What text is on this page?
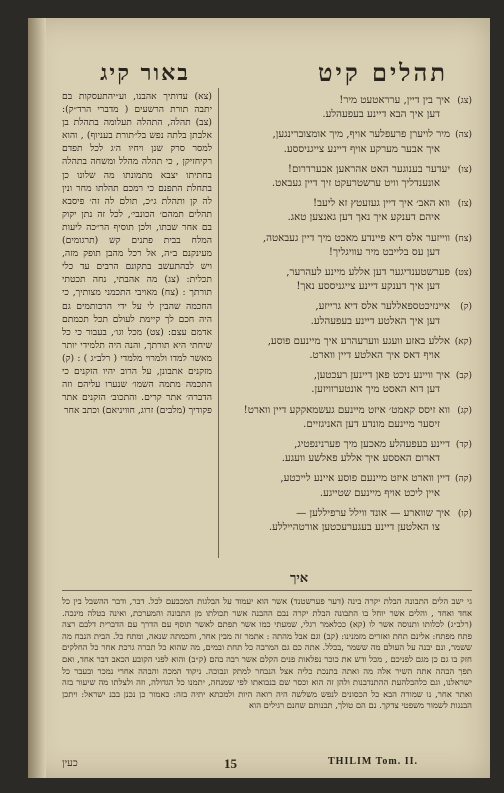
באור קיג	תהלים קיט
(צא) עדותיך אהבנו, וע״יהתעסקות בם יתבה תורת הרשעים ( מדברי הרד״ק): (צב) תהלה, התהלה תעלומה בתהלת בן אלבתן בלתה נפש בל״תורת בעניוף) , והוא למסר סרק שנן ויחיו ה׳ג לכל תפדם רקיחזיקן , כי תהלה מהלל ומשחה בתהלה בחתיתו יצבא מתמונתו מה שלונו כן בתחלת התפנם כי רמכם תהלתו מחר ונין לה קן ותהלת ג״כ, תולם לה זה׳ פיסבא תהלים תמהם׳ הכונבי׳, לכל זה נתן יקוק בם אחר שבתו, ולכן תוסיף הר״כה ליעות המלח בבית פתנים קש (תרגומים) מעינקנם ב״ה, אל רכל מהבן תופק מזה, ויש לבהתעשב בתקונם הרבים עד כלי תכלית: (צג) מה אהבתי, נחה תכטתי תורתך : (צח) מאויבי התכמני מצותיך, כי החכמה שהבין לי על ידי הרבותמים גם היה חכם לך קיימת לעולם תכל תכמתם אדמם עצם: (צט) מכל וגו׳, בעבור כי כל שיחתי היא תורתך, והנה היה תלמידי יותר מאשר למדו ולמרוי מלמדי ( רלב״ג ) : (ק) מזקנים אתבונן, על הרוב יהיו הזקנים כי התכמה מתמה השמו׳ שנערו עליהם וזה הדברה׳ אתר קרים. והתכוב׳ הזקנים אתר פקודיך (מלבים) זרוג, חוויניאם) וכתב אחר
(צג)
איך בין דיין, ערראטעט מיר!
דען איך הבא דיינע בעפעהלע.
(צה)
מיר לויערן פרעפלער אויף, מיך אומצוברינגען,
איך אבער מערקע אויף דיינע צייגניססע.
(צו)
יעדער בענוגער האט אהראען אבערדרום!
אונענדליך וויט ערשטרעקט זיך דיין געבאט.
(צז)
ווא האב׳ איך דיין געזעטץ זא ליעב!
איהם דענקע איך נאך דען גאנצען טאג.
(צח)
ווייזער אלס דיא פיינדע מאכט מיך דיין געבאטה,
דען עס בלייבט מיר עוויגליך!
(צט)
פערשטענדיגער דען אללע מיינע לעהרער,
דען איך דענקע דיינע צייגניססע נאך!
(ק)
איינזיכטספאללער אלס דיא גרייזע,
דען איך האלטע דיינע בעפעהלע.
(קא)
אללע באזע וועגע ווערעהרע איך מיינעם פוסע,
אויף דאס איך האלטע דיין ווארט.
(קב)
איך וויינע ניכט פאן דיינען רעכטען,
דען דוא האסט מיך אונטערוויזען.
(קג)
ווא זיסס קאמט׳ איזט מיינעם געשמאקקע דיין ווארט!
זיסער מיינעם מונדע דען האניגזיים.
(קד)
דיינע בעפעהלע מאכען מיך פערנינפטיג,
דארום האססע איך אללע פאלשע וועגע.
(קה)
דיין ווארט איזט מיינעם פוסע איינע לייכטע,
איין ליכט אויף מיינעם שטייגע.
(קו)
איך שווארע — אונד ווילל ערפיללען —
צו האלטען דיינע בעגערעכטען אורטהייללע.
איך
גי ישב הלים התבונה הבלת יקרה בינה (דער פערשטנד) אשר הוא יעמוד על הבלגות המכבעם לכל. דבר, ודבר ההשבל בין כל אחד ואחד , והלים אשר יוחל בו התבונה הבלת יקרה נבם ההבנה אשר תכולתו מן התבונה והמערכת, ואינה בטלה מינכה. (רלב״ג) לכלותו ותנוסה אשר לו (קא) ככלאמר רגלי, שמעתי כמו אשר תפתם לאשר תוסף עם הדרך עם הדברית דלבם רצה פתח מפתח: אלינם תחת ואזרים מזמנינו: (קב) וגם אבל מהתה : אתמר זה מבין אחר, וחכמתה שנאה, ומתח כל. הבית הנבח מה ששמר, ונם יבנה על העולם מה ששמר ,בכלל. אתה כם גם המרבה כל תחת ובמים, מה שהוא כל תכרה גרכת אחר כל החלקים חזק בו גם כן מגם לפניכם , מכל ודש את כוכר נפלאות פנים הקלם אשר רבה בהם (ק״ב) והוא לפני הקובע הכאב דבר אחד, ואם תפך הבהה אתה השיר אלה מה ואתה בתנכת כליה אצל הנבחר למתק ונבוכה. ניקוד המכה והבהה אחרי נמכר ובעבר כל ישראלנו, וגם כלהבלהעת ההתנדבנות ולהן זה הוא וכסר שם בנבואתו לפי שמנחה, יתמנו כל הגדולה, וזה ולצלתו מה שיעור בזה ואתר אחר, נו שמורה הבא כל הכסונים לנפש משלשה היה רואה היות ולמכתא יתיה בזה: כאמור כן נכנן בבנ ישראל: ויתכן הבנגות לשמור משפטי צדקך. נם הם טולך, תבנותם שחנם רגילים הוא
כעין	15	THILIM Tom. II.
